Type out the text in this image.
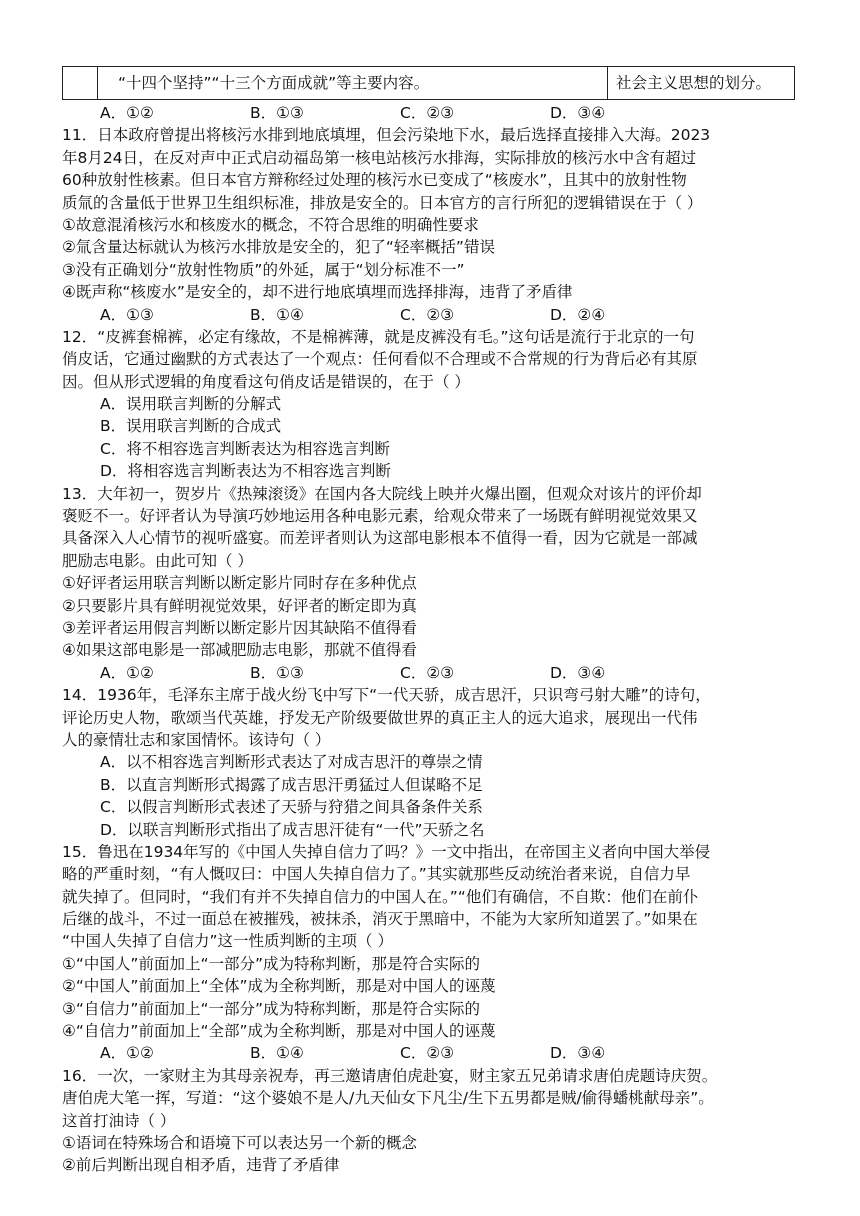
“十四个坚持”“十三个方面成就”等主要内容。	社会主义思想的划分。
A．①②	B．①③	C．②③	D．③④
11．日本政府曾提出将核污水排到地底填埋，但会污染地下水，最后选择直接排入大海。2023
年8月24日，在反对声中正式启动福岛第一核电站核污水排海，实际排放的核污水中含有超过
60种放射性核素。但日本官方辩称经过处理的核污水已变成了“核废水”，且其中的放射性物
质氚的含量低于世界卫生组织标准，排放是安全的。日本官方的言行所犯的逻辑错误在于（ ）
①故意混淆核污水和核废水的概念，不符合思维的明确性要求
②氚含量达标就认为核污水排放是安全的，犯了“轻率概括”错误
③没有正确划分“放射性物质”的外延，属于“划分标准不一”
④既声称“核废水”是安全的，却不进行地底填埋而选择排海，违背了矛盾律
A．①③	B．①④	C．②③	D．②④
12．“皮裤套棉裤，必定有缘故，不是棉裤薄，就是皮裤没有毛。”这句话是流行于北京的一句
俏皮话，它通过幽默的方式表达了一个观点：任何看似不合理或不合常规的行为背后必有其原
因。但从形式逻辑的角度看这句俏皮话是错误的，在于（ ）
A．误用联言判断的分解式
B．误用联言判断的合成式
C．将不相容选言判断表达为相容选言判断
D．将相容选言判断表达为不相容选言判断
13．大年初一，贺岁片《热辣滚烫》在国内各大院线上映并火爆出圈，但观众对该片的评价却
褒贬不一。好评者认为导演巧妙地运用各种电影元素，给观众带来了一场既有鲜明视觉效果又
具备深入人心情节的视听盛宴。而差评者则认为这部电影根本不值得一看，因为它就是一部减
肥励志电影。由此可知（ ）
①好评者运用联言判断以断定影片同时存在多种优点
②只要影片具有鲜明视觉效果，好评者的断定即为真
③差评者运用假言判断以断定影片因其缺陷不值得看
④如果这部电影是一部减肥励志电影，那就不值得看
A．①②	B．①③	C．②③	D．③④
14．1936年，毛泽东主席于战火纷飞中写下“一代天骄，成吉思汗，只识弯弓射大雕”的诗句，
评论历史人物，歌颂当代英雄，抒发无产阶级要做世界的真正主人的远大追求，展现出一代伟
人的豪情壮志和家国情怀。该诗句（ ）
A．以不相容选言判断形式表达了对成吉思汗的尊崇之情
B．以直言判断形式揭露了成吉思汗勇猛过人但谋略不足
C．以假言判断形式表述了天骄与狩猎之间具备条件关系
D．以联言判断形式指出了成吉思汗徒有“一代”天骄之名
15．鲁迅在1934年写的《中国人失掉自信力了吗？》一文中指出，在帝国主义者向中国大举侵
略的严重时刻，“有人慨叹曰：中国人失掉自信力了。”其实就那些反动统治者来说，自信力早
就失掉了。但同时，“我们有并不失掉自信力的中国人在。”“他们有确信，不自欺：他们在前仆
后继的战斗，不过一面总在被摧残，被抹杀，消灭于黑暗中，不能为大家所知道罢了。”如果在
“中国人失掉了自信力”这一性质判断的主项（ ）
①“中国人”前面加上“一部分”成为特称判断，那是符合实际的
②“中国人”前面加上“全体”成为全称判断，那是对中国人的诬蔑
③“自信力”前面加上“一部分”成为特称判断，那是符合实际的
④“自信力”前面加上“全部”成为全称判断，那是对中国人的诬蔑
A．①②	B．①④	C．②③	D．③④
16．一次，一家财主为其母亲祝寿，再三邀请唐伯虎赴宴，财主家五兄弟请求唐伯虎题诗庆贺。
唐伯虎大笔一挥，写道：“这个婆娘不是人/九天仙女下凡尘/生下五男都是贼/偷得蟠桃献母亲”。
这首打油诗（ ）
①语词在特殊场合和语境下可以表达另一个新的概念
②前后判断出现自相矛盾，违背了矛盾律
